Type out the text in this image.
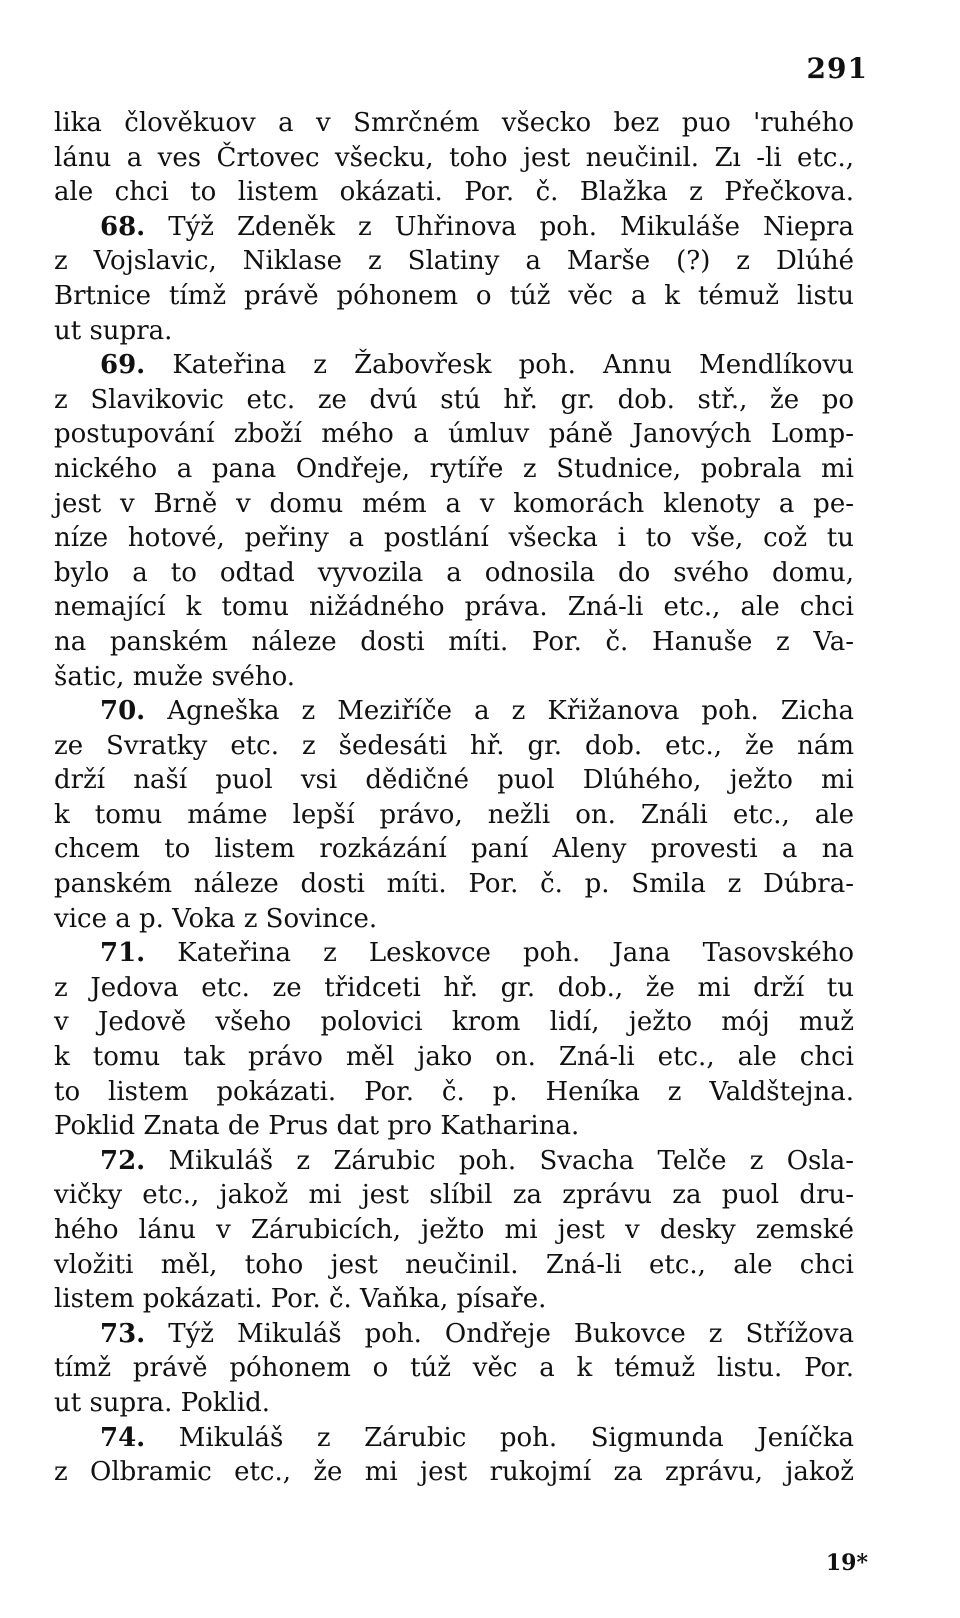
291
lika člověkuov a v Smrčném všecko bez puo 'ruhého
lánu a ves Črtovec všecku, toho jest neučinil. Zı -li etc.,
ale chci to listem okázati. Por. č. Blažka z Přečkova.
68. Týž Zdeněk z Uhřinova poh. Mikuláše Niepra
z Vojslavic, Niklase z Slatiny a Marše (?) z Dlúhé
Brtnice tímž právě póhonem o túž věc a k témuž listu
ut supra.
69. Kateřina z Žabovřesk poh. Annu Mendlíkovu
z Slavikovic etc. ze dvú stú hř. gr. dob. stř., že po
postupování zboží mého a úmluv páně Janových Lomp-
nického a pana Ondřeje, rytíře z Studnice, pobrala mi
jest v Brně v domu mém a v komorách klenoty a pe-
níze hotové, peřiny a postlání všecka i to vše, což tu
bylo a to odtad vyvozila a odnosila do svého domu,
nemající k tomu nižádného práva. Zná-li etc., ale chci
na panském náleze dosti míti. Por. č. Hanuše z Va-
šatic, muže svého.
70. Agneška z Meziříče a z Křižanova poh. Zicha
ze Svratky etc. z šedesáti hř. gr. dob. etc., že nám
drží naší puol vsi dědičné puol Dlúhého, ježto mi
k tomu máme lepší právo, nežli on. Ználi etc., ale
chcem to listem rozkázání paní Aleny provesti a na
panském náleze dosti míti. Por. č. p. Smila z Dúbra-
vice a p. Voka z Sovince.
71. Kateřina z Leskovce poh. Jana Tasovského
z Jedova etc. ze třidceti hř. gr. dob., že mi drží tu
v Jedově všeho polovici krom lidí, ježto mój muž
k tomu tak právo měl jako on. Zná-li etc., ale chci
to listem pokázati. Por. č. p. Heníka z Valdštejna.
Poklid Znata de Prus dat pro Katharina.
72. Mikuláš z Zárubic poh. Svacha Telče z Osla-
vičky etc., jakož mi jest slíbil za zprávu za puol dru-
hého lánu v Zárubicích, ježto mi jest v desky zemské
vložiti měl, toho jest neučinil. Zná-li etc., ale chci
listem pokázati. Por. č. Vaňka, písaře.
73. Týž Mikuláš poh. Ondřeje Bukovce z Střížova
tímž právě póhonem o túž věc a k témuž listu. Por.
ut supra. Poklid.
74. Mikuláš z Zárubic poh. Sigmunda Jeníčka
z Olbramic etc., že mi jest rukojmí za zprávu, jakož
19*
